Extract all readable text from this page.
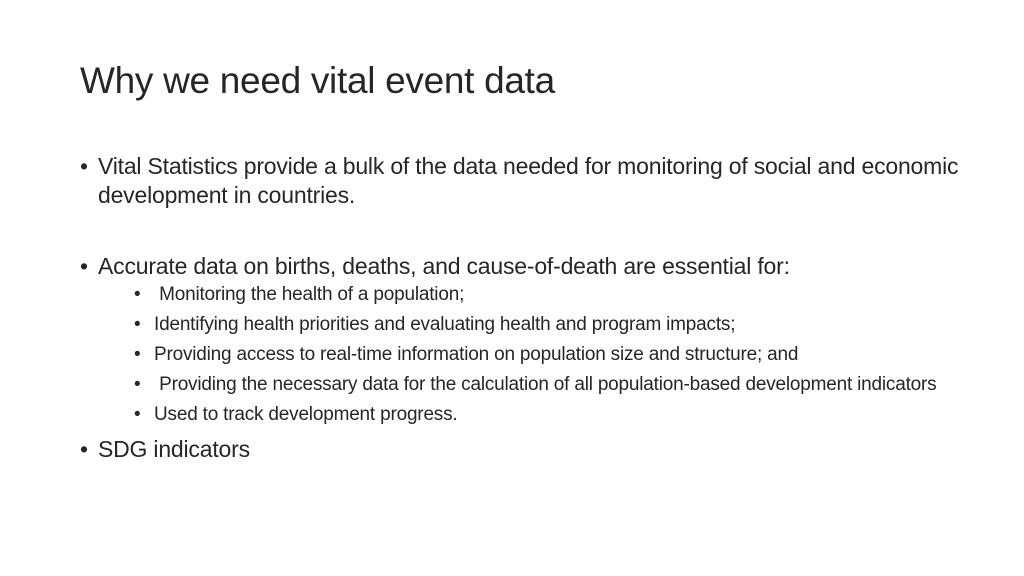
Why we need vital event data
• Vital Statistics provide a bulk of the data needed for monitoring of social and economic development in countries.
• Accurate data on births, deaths, and cause-of-death are essential for:
• Monitoring the health of a population;
• Identifying health priorities and evaluating health and program impacts;
• Providing access to real-time information on population size and structure; and
• Providing the necessary data for the calculation of all population-based development indicators
• Used to track development progress.
• SDG indicators
